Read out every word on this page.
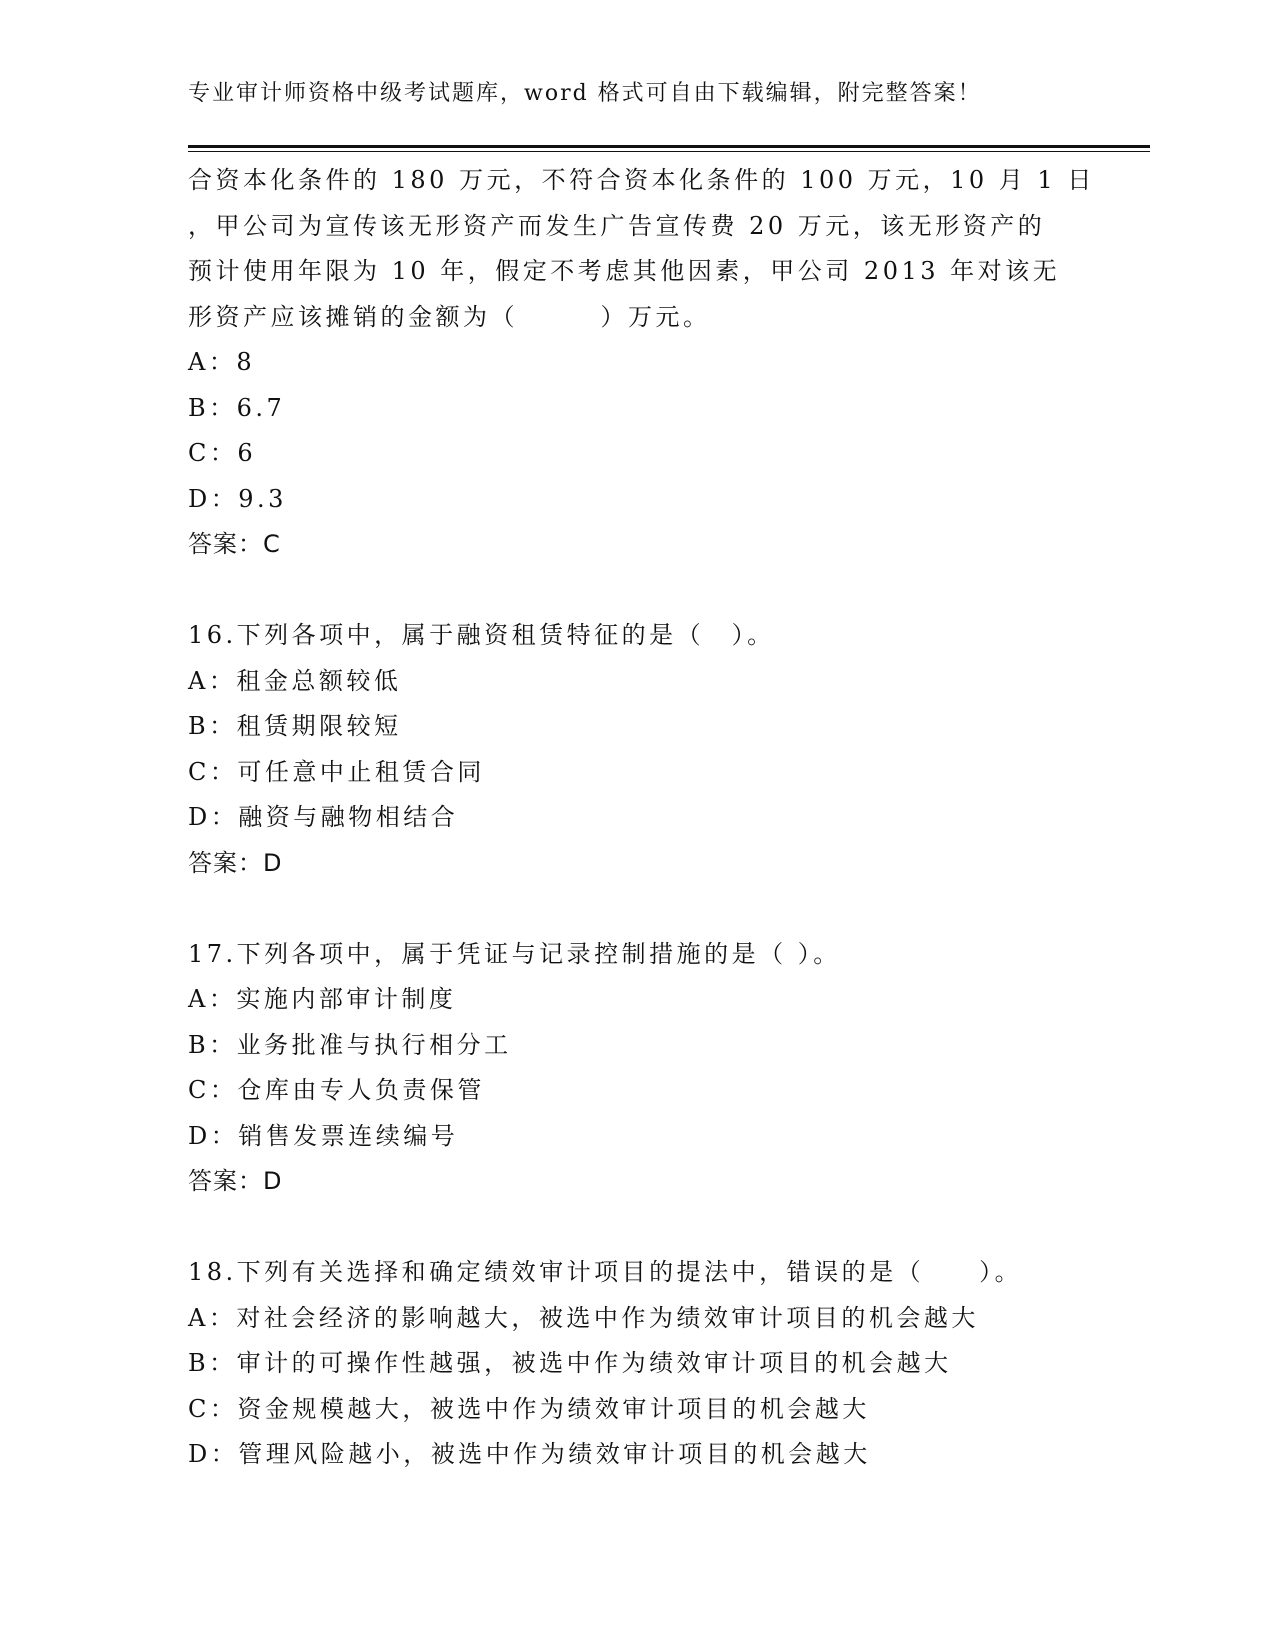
专业审计师资格中级考试题库，word 格式可自由下载编辑，附完整答案！
合资本化条件的 180 万元，不符合资本化条件的 100 万元，10 月 1 日
，甲公司为宣传该无形资产而发生广告宣传费 20 万元，该无形资产的
预计使用年限为 10 年，假定不考虑其他因素，甲公司 2013 年对该无
形资产应该摊销的金额为（　　　）万元。
A：8
B：6.7
C：6
D：9.3
答案：C
16.下列各项中，属于融资租赁特征的是（　）。
A：租金总额较低
B：租赁期限较短
C：可任意中止租赁合同
D：融资与融物相结合
答案：D
17.下列各项中，属于凭证与记录控制措施的是（ ）。
A：实施内部审计制度
B：业务批准与执行相分工
C：仓库由专人负责保管
D：销售发票连续编号
答案：D
18.下列有关选择和确定绩效审计项目的提法中，错误的是（　　）。
A：对社会经济的影响越大，被选中作为绩效审计项目的机会越大
B：审计的可操作性越强，被选中作为绩效审计项目的机会越大
C：资金规模越大，被选中作为绩效审计项目的机会越大
D：管理风险越小，被选中作为绩效审计项目的机会越大
